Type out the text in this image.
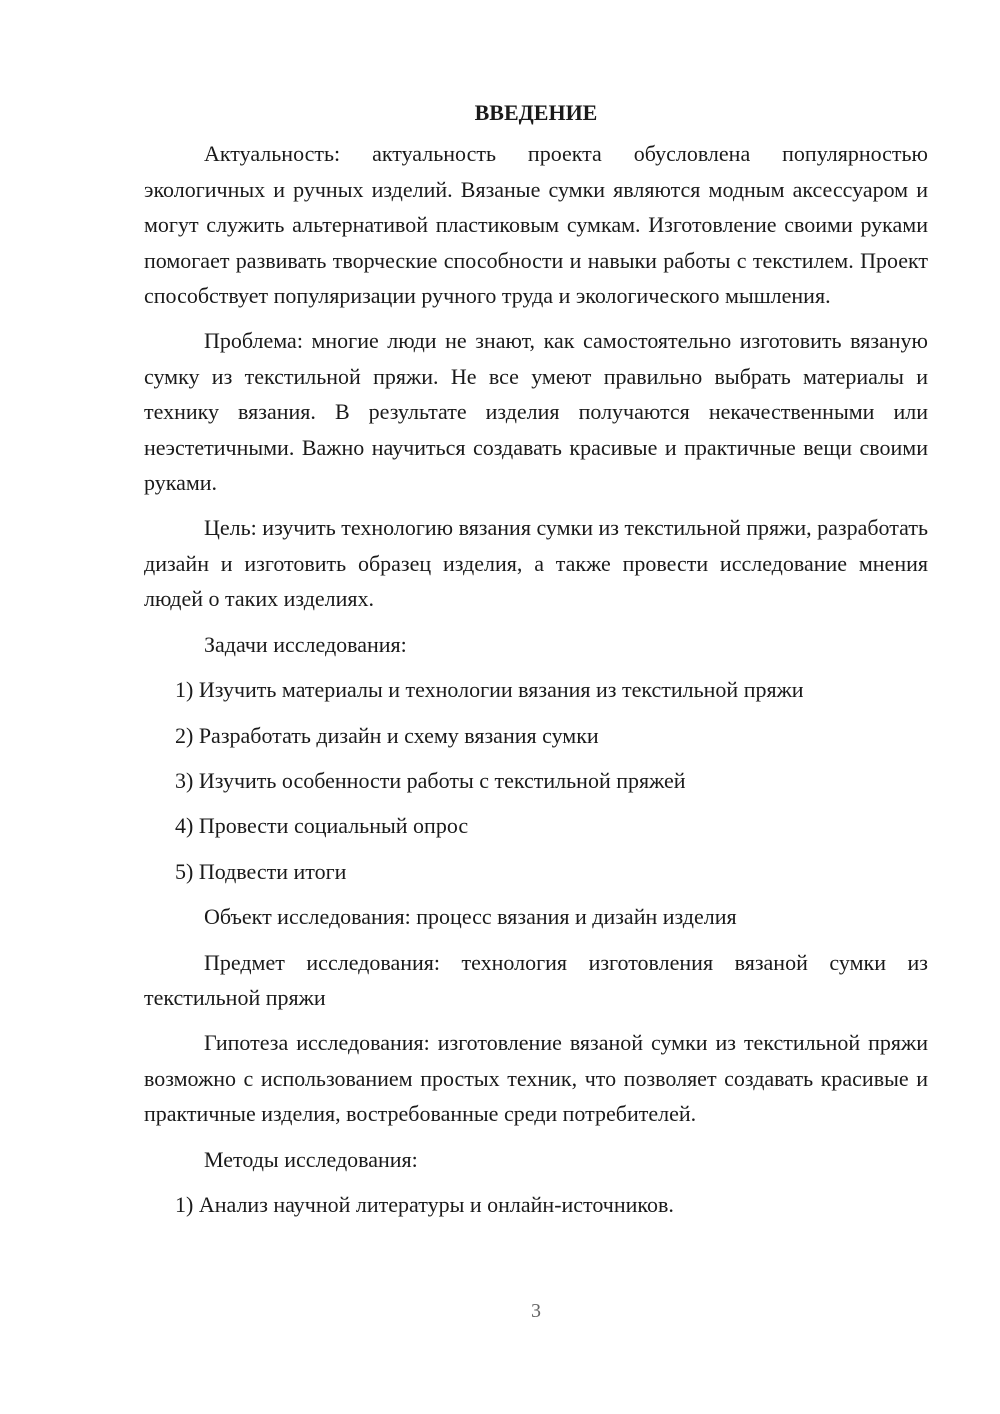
ВВЕДЕНИЕ

Актуальность: актуальность проекта обусловлена популярностью экологичных и ручных изделий. Вязаные сумки являются модным аксессуаром и могут служить альтернативой пластиковым сумкам. Изготовление своими руками помогает развивать творческие способности и навыки работы с текстилем. Проект способствует популяризации ручного труда и экологического мышления.

Проблема: многие люди не знают, как самостоятельно изготовить вязаную сумку из текстильной пряжи. Не все умеют правильно выбрать материалы и технику вязания. В результате изделия получаются некачественными или неэстетичными. Важно научиться создавать красивые и практичные вещи своими руками.

Цель: изучить технологию вязания сумки из текстильной пряжи, разработать дизайн и изготовить образец изделия, а также провести исследование мнения людей о таких изделиях.

Задачи исследования:

1) Изучить материалы и технологии вязания из текстильной пряжи

2) Разработать дизайн и схему вязания сумки

3) Изучить особенности работы с текстильной пряжей

4) Провести социальный опрос

5) Подвести итоги

Объект исследования: процесс вязания и дизайн изделия

Предмет исследования: технология изготовления вязаной сумки из текстильной пряжи

Гипотеза исследования: изготовление вязаной сумки из текстильной пряжи возможно с использованием простых техник, что позволяет создавать красивые и практичные изделия, востребованные среди потребителей.

Методы исследования:

1) Анализ научной литературы и онлайн-источников.

3
